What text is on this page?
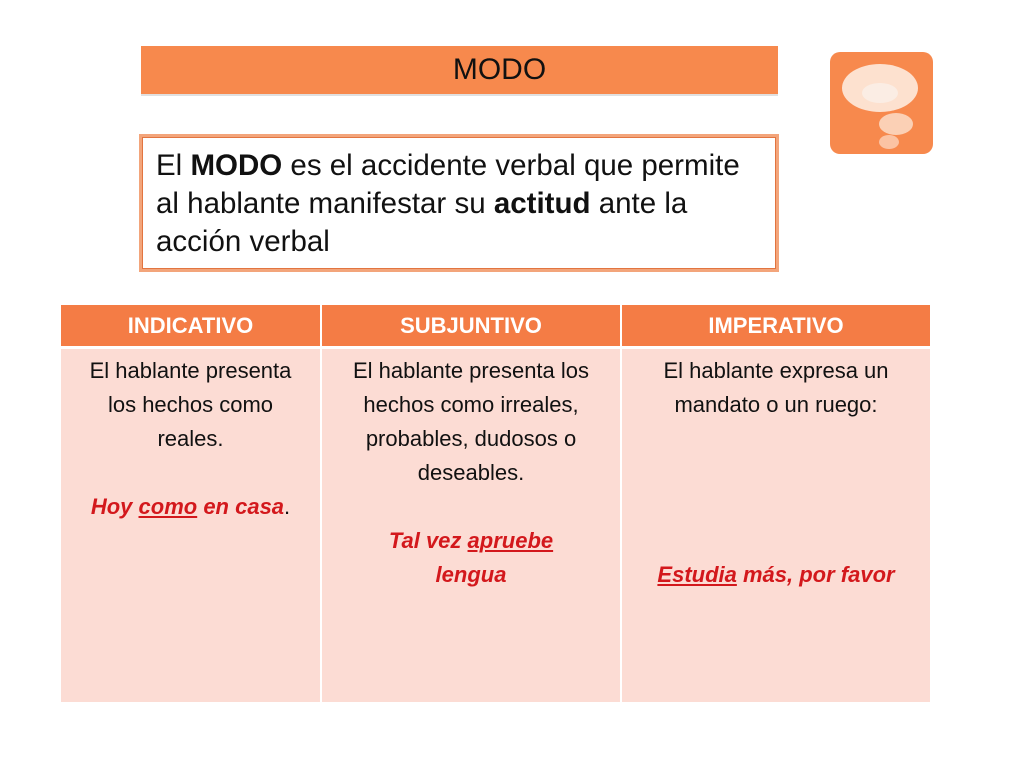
MODO
El MODO es el accidente verbal que permite al hablante manifestar su actitud ante la acción verbal
INDICATIVO	SUBJUNTIVO	IMPERATIVO
El hablante presenta los hechos como reales.
Hoy como en casa.
El hablante presenta los hechos como irreales, probables, dudosos o deseables.
Tal vez apruebe
lengua
El hablante expresa un mandato o un ruego:
Estudia más, por favor
